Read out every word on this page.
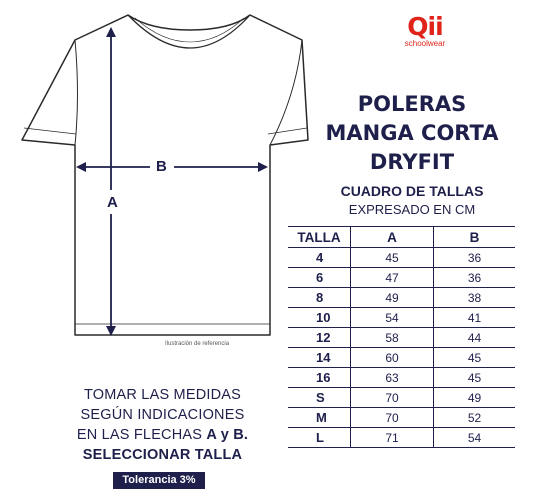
A
B
Ilustración de referencia
TOMAR LAS MEDIDAS
SEGÚN INDICACIONES
EN LAS FLECHAS A y B.
SELECCIONAR TALLA
Tolerancia 3%
Qii
schoolwear
POLERAS
MANGA CORTA
DRYFIT
CUADRO DE TALLAS
EXPRESADO EN CM
TALLA	A	B
4	45	36
6	47	36
8	49	38
10	54	41
12	58	44
14	60	45
16	63	45
S	70	49
M	70	52
L	71	54
